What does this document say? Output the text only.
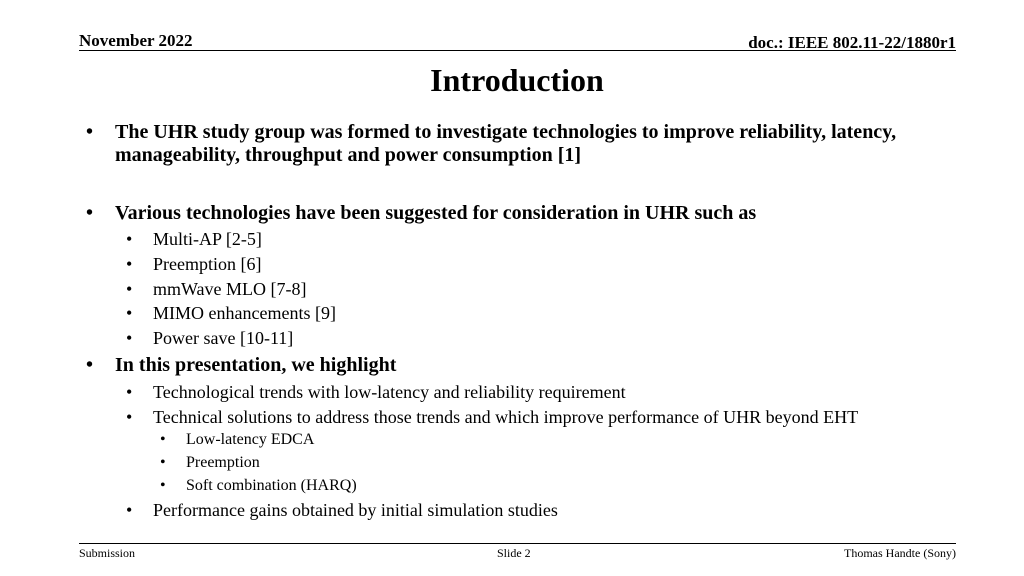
November 2022	doc.: IEEE 802.11-22/1880r1
Introduction
• The UHR study group was formed to investigate technologies to improve reliability, latency, manageability, throughput and power consumption [1]
• Various technologies have been suggested for consideration in UHR such as
• Multi-AP [2-5]
• Preemption [6]
• mmWave MLO [7-8]
• MIMO enhancements [9]
• Power save [10-11]
• In this presentation, we highlight
• Technological trends with low-latency and reliability requirement
• Technical solutions to address those trends and which improve performance of UHR beyond EHT
• Low-latency EDCA
• Preemption
• Soft combination (HARQ)
• Performance gains obtained by initial simulation studies
Submission	Slide 2	Thomas Handte (Sony)
